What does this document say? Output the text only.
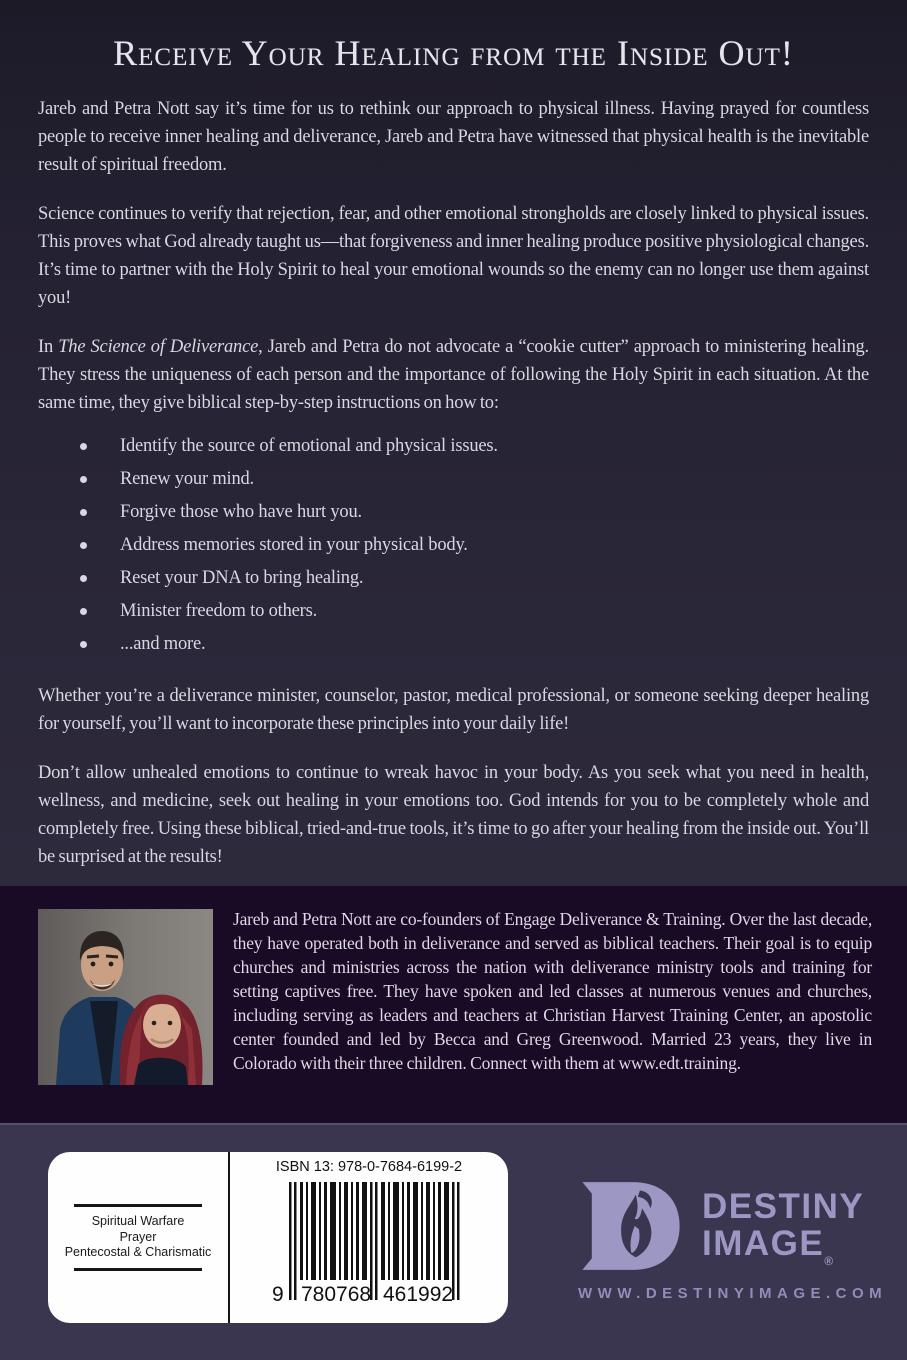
Receive Your Healing from the Inside Out!

Jareb and Petra Nott say it’s time for us to rethink our approach to physical illness. Having prayed for countless people to receive inner healing and deliverance, Jareb and Petra have witnessed that physical health is the inevitable result of spiritual freedom.

Science continues to verify that rejection, fear, and other emotional strongholds are closely linked to physical issues. This proves what God already taught us—that forgiveness and inner healing produce positive physiological changes. It’s time to partner with the Holy Spirit to heal your emotional wounds so the enemy can no longer use them against you!

In The Science of Deliverance, Jareb and Petra do not advocate a “cookie cutter” approach to ministering healing. They stress the uniqueness of each person and the importance of following the Holy Spirit in each situation. At the same time, they give biblical step-by-step instructions on how to:

Identify the source of emotional and physical issues.
Renew your mind.
Forgive those who have hurt you.
Address memories stored in your physical body.
Reset your DNA to bring healing.
Minister freedom to others.
...and more.

Whether you’re a deliverance minister, counselor, pastor, medical professional, or someone seeking deeper healing for yourself, you’ll want to incorporate these principles into your daily life!

Don’t allow unhealed emotions to continue to wreak havoc in your body. As you seek what you need in health, wellness, and medicine, seek out healing in your emotions too. God intends for you to be completely whole and completely free. Using these biblical, tried-and-true tools, it’s time to go after your healing from the inside out. You’ll be surprised at the results!

Jareb and Petra Nott are co-founders of Engage Deliverance & Training. Over the last decade, they have operated both in deliverance and served as biblical teachers. Their goal is to equip churches and ministries across the nation with deliverance ministry tools and training for setting captives free. They have spoken and led classes at numerous venues and churches, including serving as leaders and teachers at Christian Harvest Training Center, an apostolic center founded and led by Becca and Greg Greenwood. Married 23 years, they live in Colorado with their three children. Connect with them at www.edt.training.
Spiritual Warfare
Prayer
Pentecostal & Charismatic
ISBN 13: 978-0-7684-6199-2
9 780768 461992
DESTINY
$IMAGE_®$
WWW.DESTINYIMAGE.COM
